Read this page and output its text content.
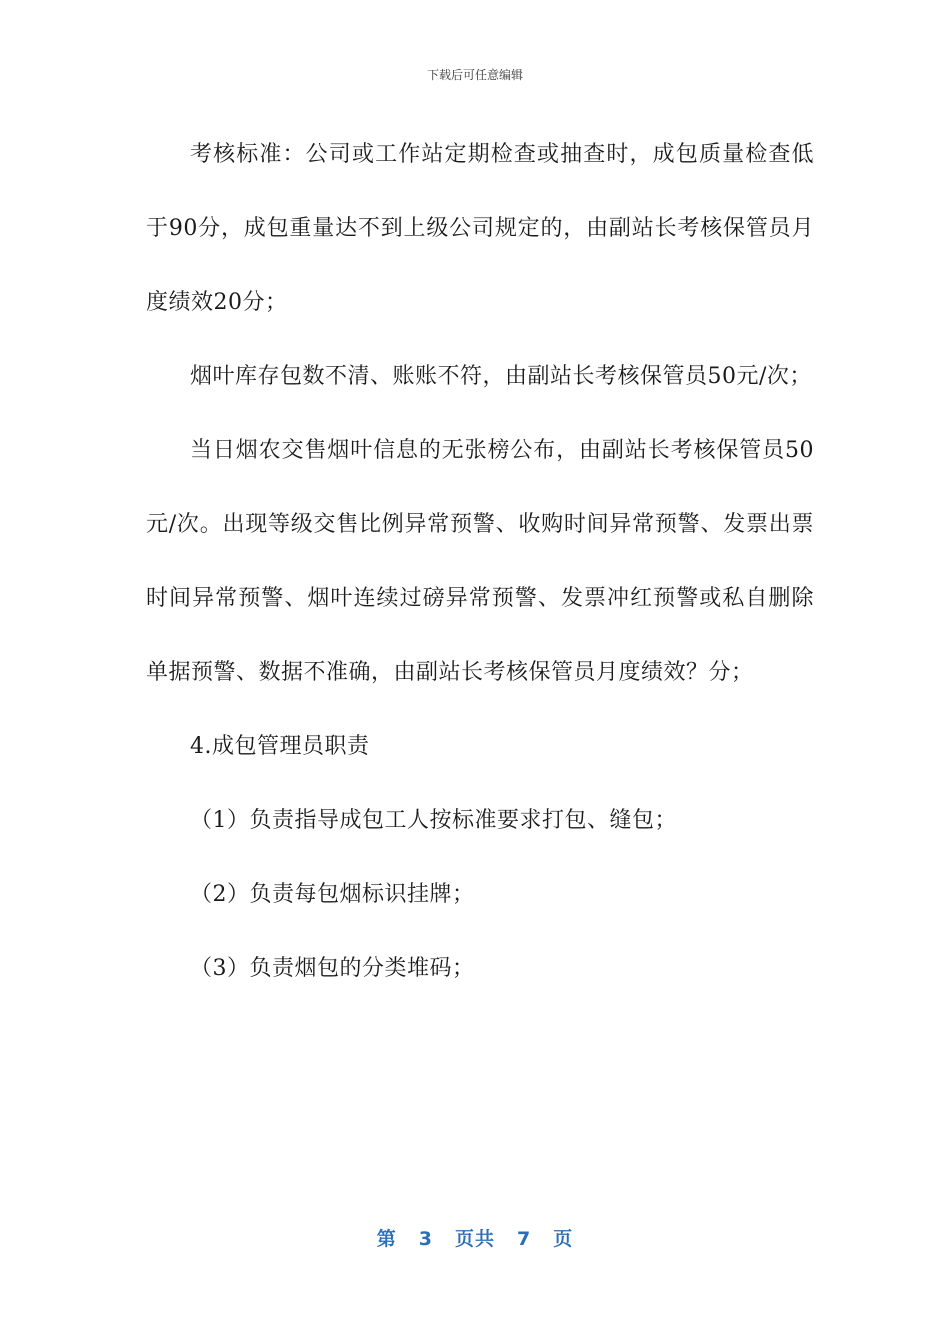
下载后可任意编辑

考核标准：公司或工作站定期检查或抽查时，成包质量检查低于90分，成包重量达不到上级公司规定的，由副站长考核保管员月度绩效20分；

烟叶库存包数不清、账账不符，由副站长考核保管员50元/次；

当日烟农交售烟叶信息的无张榜公布，由副站长考核保管员50元/次。出现等级交售比例异常预警、收购时间异常预警、发票出票时间异常预警、烟叶连续过磅异常预警、发票冲红预警或私自删除单据预警、数据不准确，由副站长考核保管员月度绩效？分；

4.成包管理员职责

（1）负责指导成包工人按标准要求打包、缝包；

（2）负责每包烟标识挂牌；

（3）负责烟包的分类堆码；

第 3 页共 7 页
